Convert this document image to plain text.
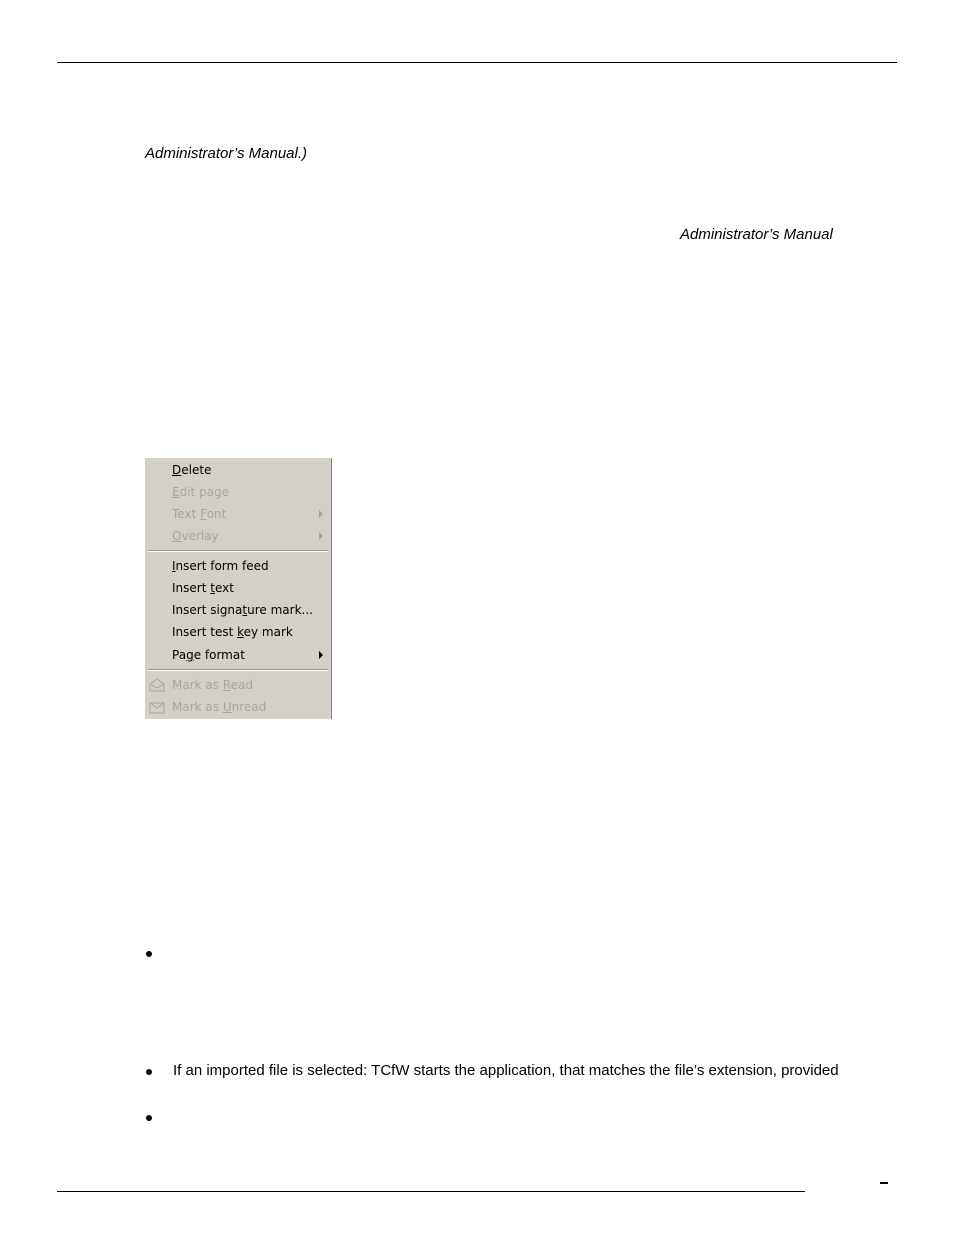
Administrator’s Manual.)
Administrator’s Manual
Delete
Edit page
Text Font
Overlay
Insert form feed
Insert text
Insert signature mark...
Insert test key mark
Page format
Mark as Read
Mark as Unread
If an imported file is selected: TCfW starts the application, that matches the file’s extension, provided
